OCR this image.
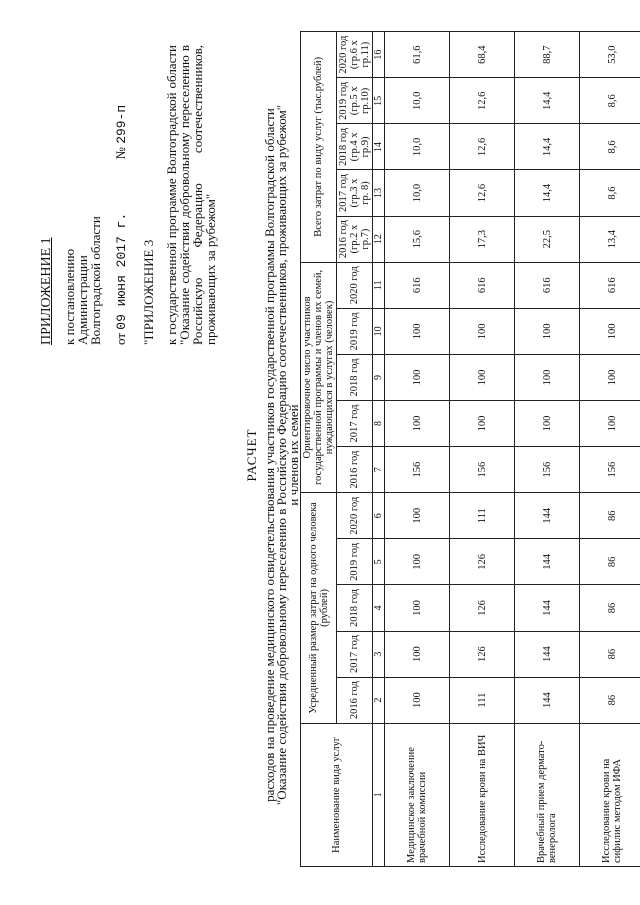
ПРИЛОЖЕНИЕ 1 к постановлению
Администрации
Волгоградской области от 09 июня 2017 г. № 299-п
"ПРИЛОЖЕНИЕ 3 к государственной программе Волгоградской области "Оказание содействия добровольному переселению в Российскую Федерацию соотечественников, проживающих за рубежом"
РАСЧЕТ расходов на проведение медицинского освидетельствования участников государственной программы Волгоградской области
"Оказание содействия добровольному переселению в Российскую Федерацию соотечественников, проживающих за рубежом"
и членов их семей
Наименование вида услуг	Усредненный размер затрат на одного человека (рублей)					Ориентировочное число участников государственной программы и членов их семей, нуждающихся в услугах (человек)					Всего затрат по виду услуг (тыс.рублей)				
	2016 год	2017 год	2018 год	2019 год	2020 год	2016 год	2017 год	2018 год	2019 год	2020 год	2016 год (гр.2 х гр.7)	2017 год (гр.3 х гр. 8)	2018 год (гр.4 х гр.9)	2019 год (гр.5 х гр.10)	2020 год (гр.6 х гр.11)
1	2	3	4	5	6	7	8	9	10	11	12	13	14	15	16
Медицинское заключение врачебной комиссии	100	100	100	100	100	156	100	100	100	616	15,6	10,0	10,0	10,0	61,6
Исследование крови на ВИЧ	111	126	126	126	111	156	100	100	100	616	17,3	12,6	12,6	12,6	68,4
Врачебный прием дермато-венеролога	144	144	144	144	144	156	100	100	100	616	22,5	14,4	14,4	14,4	88,7
Исследование крови на сифилис методом ИФА	86	86	86	86	86	156	100	100	100	616	13,4	8,6	8,6	8,6	53,0
